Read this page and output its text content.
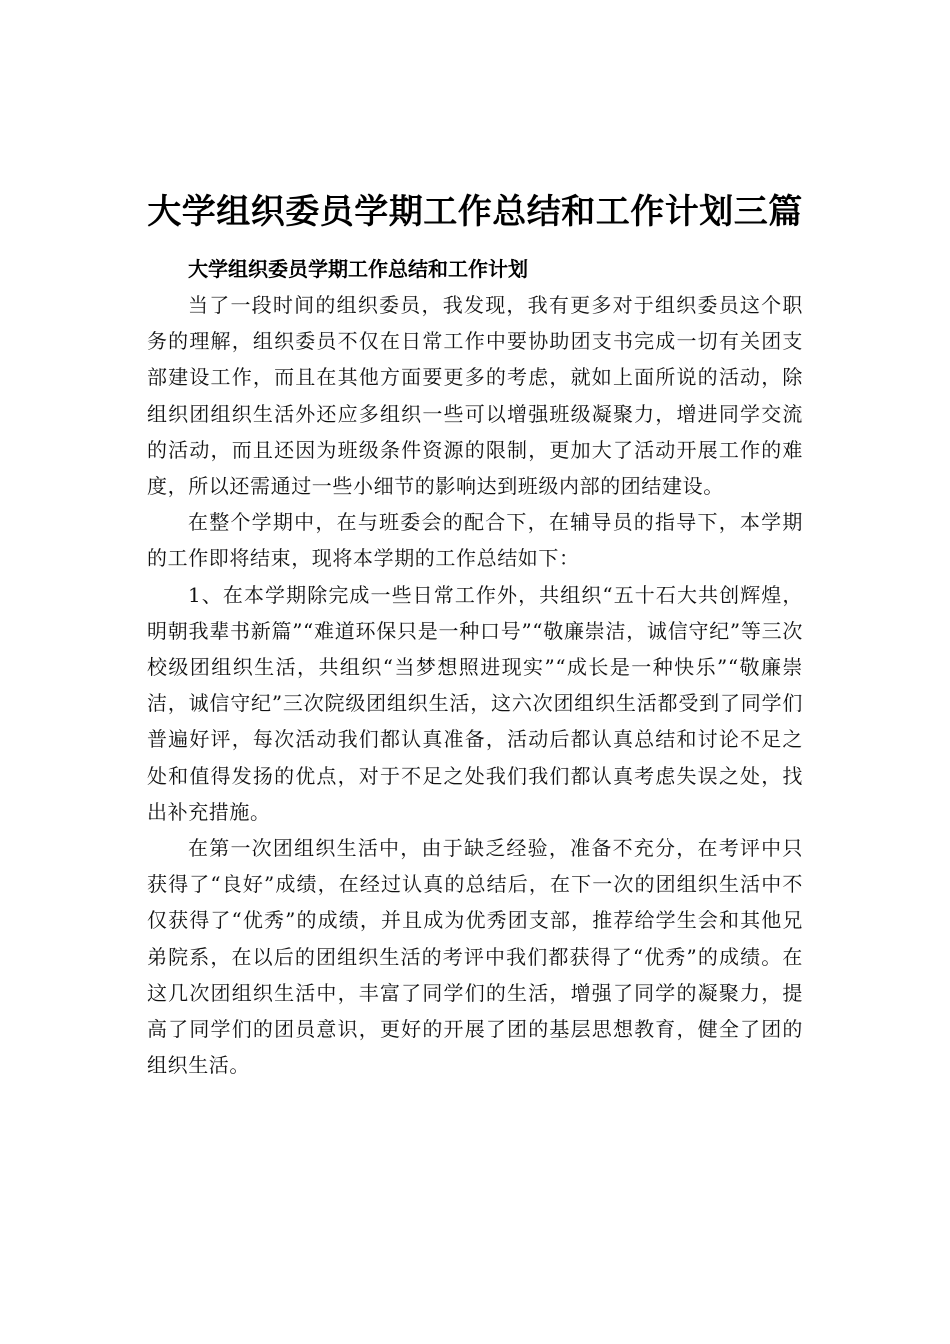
大学组织委员学期工作总结和工作计划三篇

大学组织委员学期工作总结和工作计划

当了一段时间的组织委员，我发现，我有更多对于组织委员这个职务的理解，组织委员不仅在日常工作中要协助团支书完成一切有关团支部建设工作，而且在其他方面要更多的考虑，就如上面所说的活动，除组织团组织生活外还应多组织一些可以增强班级凝聚力，增进同学交流的活动，而且还因为班级条件资源的限制，更加大了活动开展工作的难度，所以还需通过一些小细节的影响达到班级内部的团结建设。

在整个学期中，在与班委会的配合下，在辅导员的指导下，本学期的工作即将结束，现将本学期的工作总结如下：

1、在本学期除完成一些日常工作外，共组织“五十石大共创辉煌，明朝我辈书新篇”“难道环保只是一种口号”“敬廉崇洁，诚信守纪”等三次校级团组织生活，共组织“当梦想照进现实”“成长是一种快乐”“敬廉崇洁，诚信守纪”三次院级团组织生活，这六次团组织生活都受到了同学们普遍好评，每次活动我们都认真准备，活动后都认真总结和讨论不足之处和值得发扬的优点，对于不足之处我们我们都认真考虑失误之处，找出补充措施。

在第一次团组织生活中，由于缺乏经验，准备不充分，在考评中只获得了“良好”成绩，在经过认真的总结后，在下一次的团组织生活中不仅获得了“优秀”的成绩，并且成为优秀团支部，推荐给学生会和其他兄弟院系，在以后的团组织生活的考评中我们都获得了“优秀”的成绩。在这几次团组织生活中，丰富了同学们的生活，增强了同学的凝聚力，提高了同学们的团员意识，更好的开展了团的基层思想教育，健全了团的组织生活。
